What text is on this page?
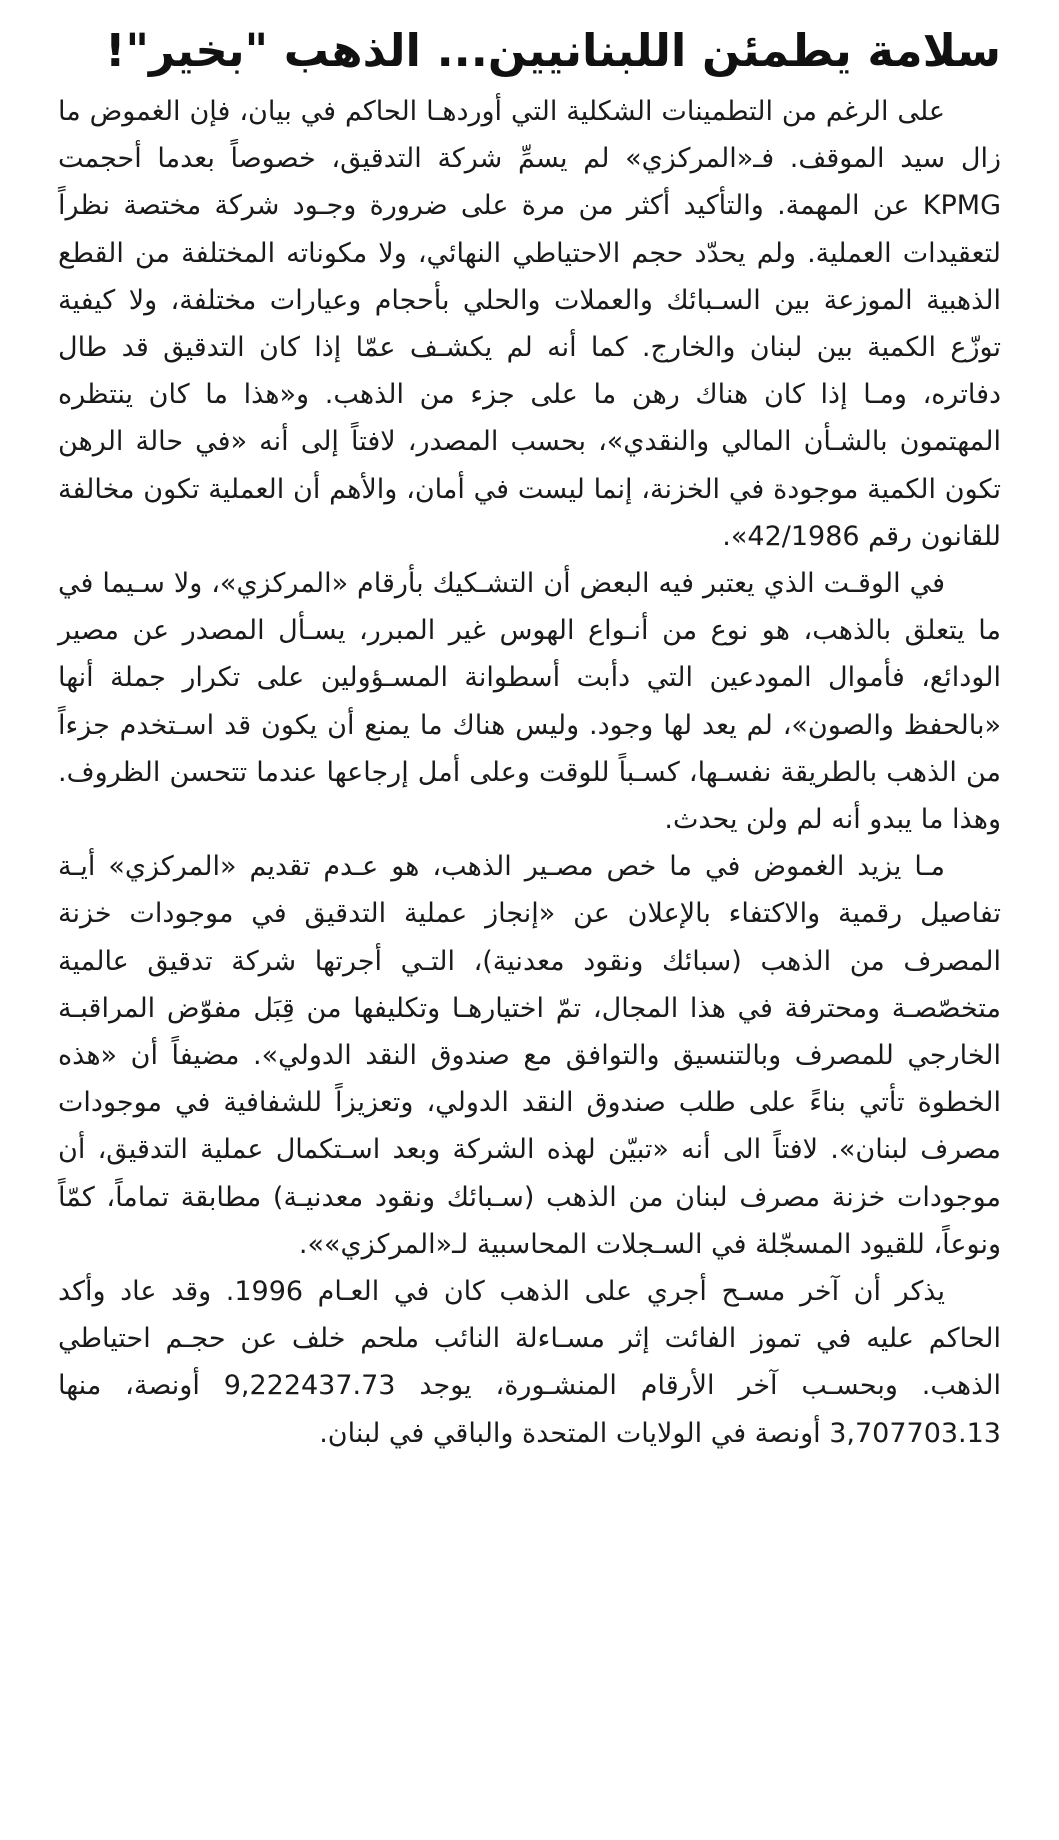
سلامة يطمئن اللبنانيين... الذهب "بخير"!

على الرغم من التطمينات الشكلية التي أوردهـا الحاكم في بيان، فإن الغموض ما زال سيد الموقف. فـ«المركزي» لم يسمِّ شركة التدقيق، خصوصاً بعدما أحجمت KPMG عن المهمة. والتأكيد أكثر من مرة على ضرورة وجـود شركة مختصة نظراً لتعقيدات العملية. ولم يحدّد حجم الاحتياطي النهائي، ولا مكوناته المختلفة من القطع الذهبية الموزعة بين السـبائك والعملات والحلي بأحجام وعيارات مختلفة، ولا كيفية توزّع الكمية بين لبنان والخارج. كما أنه لم يكشـف عمّا إذا كان التدقيق قد طال دفاتره، ومـا إذا كان هناك رهن ما على جزء من الذهب. و«هذا ما كان ينتظره المهتمون بالشـأن المالي والنقدي»، بحسب المصدر، لافتاً إلى أنه «في حالة الرهن تكون الكمية موجودة في الخزنة، إنما ليست في أمان، والأهم أن العملية تكون مخالفة للقانون رقم 42/1986».

في الوقـت الذي يعتبر فيه البعض أن التشـكيك بأرقام «المركزي»، ولا سـيما في ما يتعلق بالذهب، هو نوع من أنـواع الهوس غير المبرر، يسـأل المصدر عن مصير الودائع، فأموال المودعين التي دأبت أسطوانة المسـؤولين على تكرار جملة أنها «بالحفظ والصون»، لم يعد لها وجود. وليس هناك ما يمنع أن يكون قد اسـتخدم جزءاً من الذهب بالطريقة نفسـها، كسـباً للوقت وعلى أمل إرجاعها عندما تتحسن الظروف. وهذا ما يبدو أنه لم ولن يحدث.

مـا يزيد الغموض في ما خص مصـير الذهب، هو عـدم تقديم «المركزي» أيـة تفاصيل رقمية والاكتفاء بالإعلان عن «إنجاز عملية التدقيق في موجودات خزنة المصرف من الذهب (سبائك ونقود معدنية)، التـي أجرتها شركة تدقيق عالمية متخصّصـة ومحترفة في هذا المجال، تمّ اختيارهـا وتكليفها من قِبَل مفوّض المراقبـة الخارجي للمصرف وبالتنسيق والتوافق مع صندوق النقد الدولي». مضيفاً أن «هذه الخطوة تأتي بناءً على طلب صندوق النقد الدولي، وتعزيزاً للشفافية في موجودات مصرف لبنان». لافتاً الى أنه «تبيّن لهذه الشركة وبعد اسـتكمال عملية التدقيق، أن موجودات خزنة مصرف لبنان من الذهب (سـبائك ونقود معدنيـة) مطابقة تماماً، كمّاً ونوعاً، للقيود المسجّلة في السـجلات المحاسبية لـ«المركزي»».

يذكر أن آخر مسـح أجري على الذهب كان في العـام 1996. وقد عاد وأكد الحاكم عليه في تموز الفائت إثر مسـاءلة النائب ملحم خلف عن حجـم احتياطي الذهب. وبحسـب آخر الأرقام المنشـورة، يوجد 9,222437.73 أونصة، منها 3,707703.13 أونصة في الولايات المتحدة والباقي في لبنان.
